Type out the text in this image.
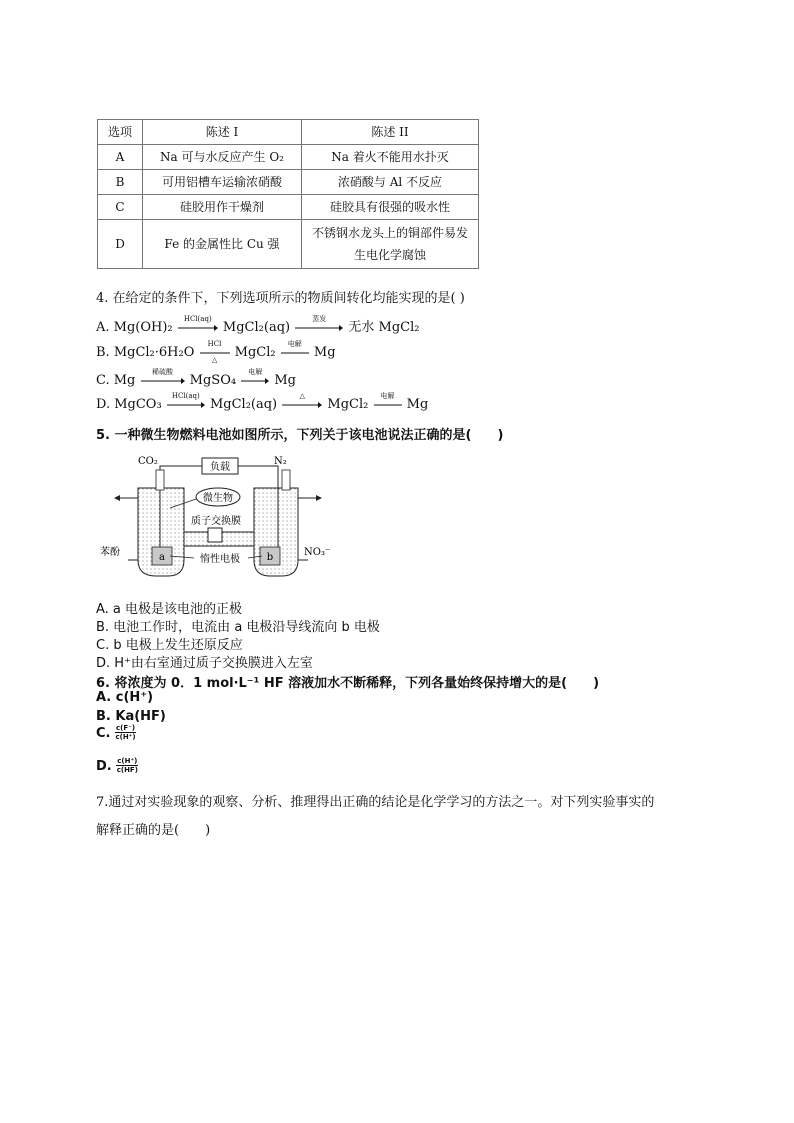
选项	陈述 I	陈述 II
A	Na 可与水反应产生 O₂	Na 着火不能用水扑灭
B	可用铝槽车运输浓硝酸	浓硝酸与 Al 不反应
C	硅胶用作干燥剂	硅胶具有很强的吸水性
D	Fe 的金属性比 Cu 强	不锈钢水龙头上的铜部件易发
生电化学腐蚀
4. 在给定的条件下，下列选项所示的物质间转化均能实现的是( )
A. Mg(OH)₂
HCl(aq)
MgCl₂(aq)
蒸发
无水 MgCl₂
B. MgCl₂·6H₂O
HCl
△	MgCl₂
电解
Mg
C. Mg
稀硫酸
MgSO₄
电解
Mg
D. MgCO₃
HCl(aq)
MgCl₂(aq)
△
MgCl₂
电解
Mg
5. 一种微生物燃料电池如图所示，下列关于该电池说法正确的是(　　)
CO₂	N₂
负载
微生物
质子交换膜
苯酚	a	b
惰性电极
NO₃⁻
A. a 电极是该电池的正极
B. 电池工作时，电流由 a 电极沿导线流向 b 电极
C. b 电极上发生还原反应
D. H⁺由右室通过质子交换膜进入左室
6. 将浓度为 0．1 mol·L⁻¹ HF 溶液加水不断稀释，下列各量始终保持增大的是(　　)
A. c(H⁺)
B. Ka(HF)
C. $\frac{c(F^-)}{c(H^+)}$
D. $\frac{c(H^+)}{c(HF)}$
7.通过对实验现象的观察、分析、推理得出正确的结论是化学学习的方法之一。对下列实验事实的
解释正确的是(　　)
